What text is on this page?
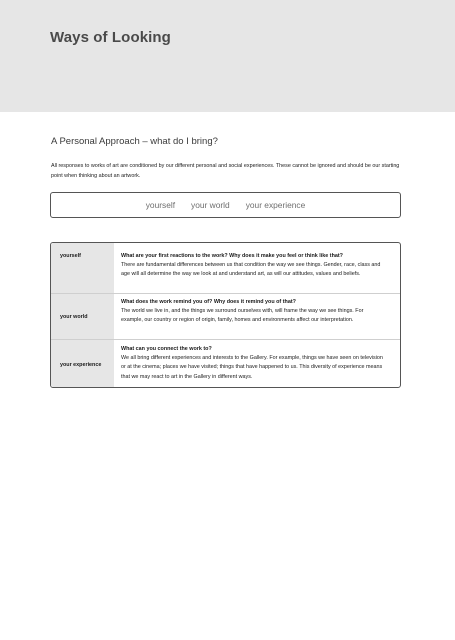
Ways of Looking
A Personal Approach – what do I bring?
All responses to works of art are conditioned by our different personal and social experiences. These cannot be ignored and should be our starting point when thinking about an artwork.
yourself your world your experience
yourself	What are your first reactions to the work? Why does it make you feel or think like that?
There are fundamental differences between us that condition the way we see things. Gender, race, class and age will all determine the way we look at and understand art, as will our attitudes, values and beliefs.
your world
What does the work remind you of? Why does it remind you of that?
The world we live in, and the things we surround ourselves with, will frame the way we see things. For example, our country or region of origin, family, homes and environments affect our interpretation.
your experience
What can you connect the work to?
We all bring different experiences and interests to the Gallery. For example, things we have seen on television or at the cinema; places we have visited; things that have happened to us. This diversity of experience means that we may react to art in the Gallery in different ways.
